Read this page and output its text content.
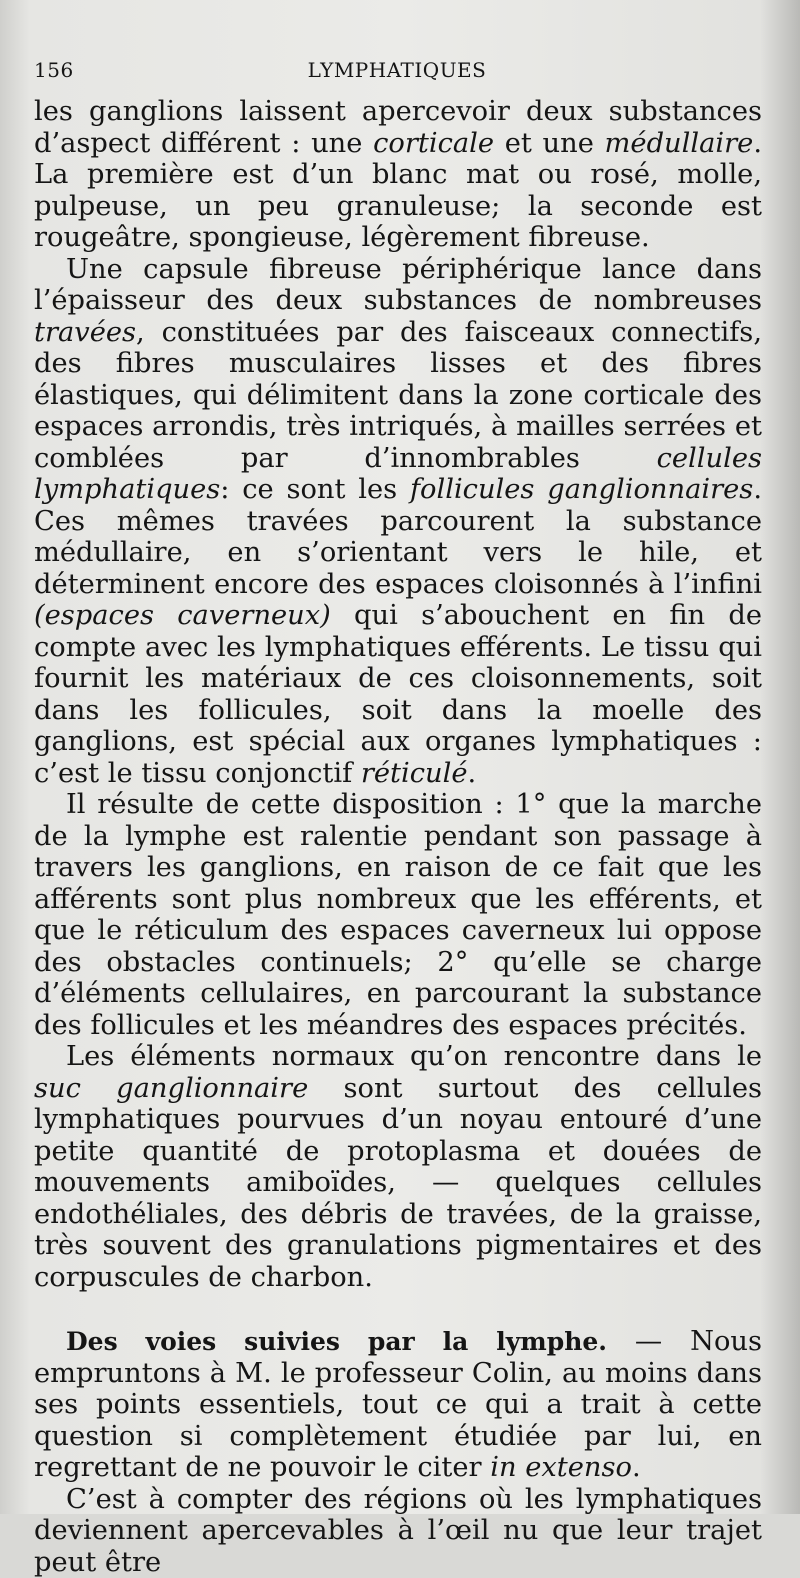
156	LYMPHATIQUES

les ganglions laissent apercevoir deux substances d’aspect différent : une corticale et une médullaire. La première est d’un blanc mat ou rosé, molle, pulpeuse, un peu granuleuse; la seconde est rougeâtre, spongieuse, légèrement fibreuse.

Une capsule fibreuse périphérique lance dans l’épaisseur des deux substances de nombreuses travées, constituées par des faisceaux connectifs, des fibres musculaires lisses et des fibres élastiques, qui délimitent dans la zone corticale des espaces arrondis, très intriqués, à mailles serrées et comblées par d’innombrables cellules lymphatiques: ce sont les follicules ganglionnaires. Ces mêmes travées parcourent la substance médullaire, en s’orientant vers le hile, et déterminent encore des espaces cloisonnés à l’infini (espaces caverneux) qui s’abouchent en fin de compte avec les lymphatiques efférents. Le tissu qui fournit les matériaux de ces cloisonnements, soit dans les follicules, soit dans la moelle des ganglions, est spécial aux organes lymphatiques : c’est le tissu conjonctif réticulé.

Il résulte de cette disposition : 1° que la marche de la lymphe est ralentie pendant son passage à travers les ganglions, en raison de ce fait que les afférents sont plus nombreux que les efférents, et que le réticulum des espaces caverneux lui oppose des obstacles continuels; 2° qu’elle se charge d’éléments cellulaires, en parcourant la substance des follicules et les méandres des espaces précités.

Les éléments normaux qu’on rencontre dans le suc ganglionnaire sont surtout des cellules lymphatiques pourvues d’un noyau entouré d’une petite quantité de protoplasma et douées de mouvements amiboïdes, — quelques cellules endothéliales, des débris de travées, de la graisse, très souvent des granulations pigmentaires et des corpuscules de charbon.

Des voies suivies par la lymphe. — Nous empruntons à M. le professeur Colin, au moins dans ses points essentiels, tout ce qui a trait à cette question si complètement étudiée par lui, en regrettant de ne pouvoir le citer in extenso.

C’est à compter des régions où les lymphatiques deviennent apercevables à l’œil nu que leur trajet peut être
